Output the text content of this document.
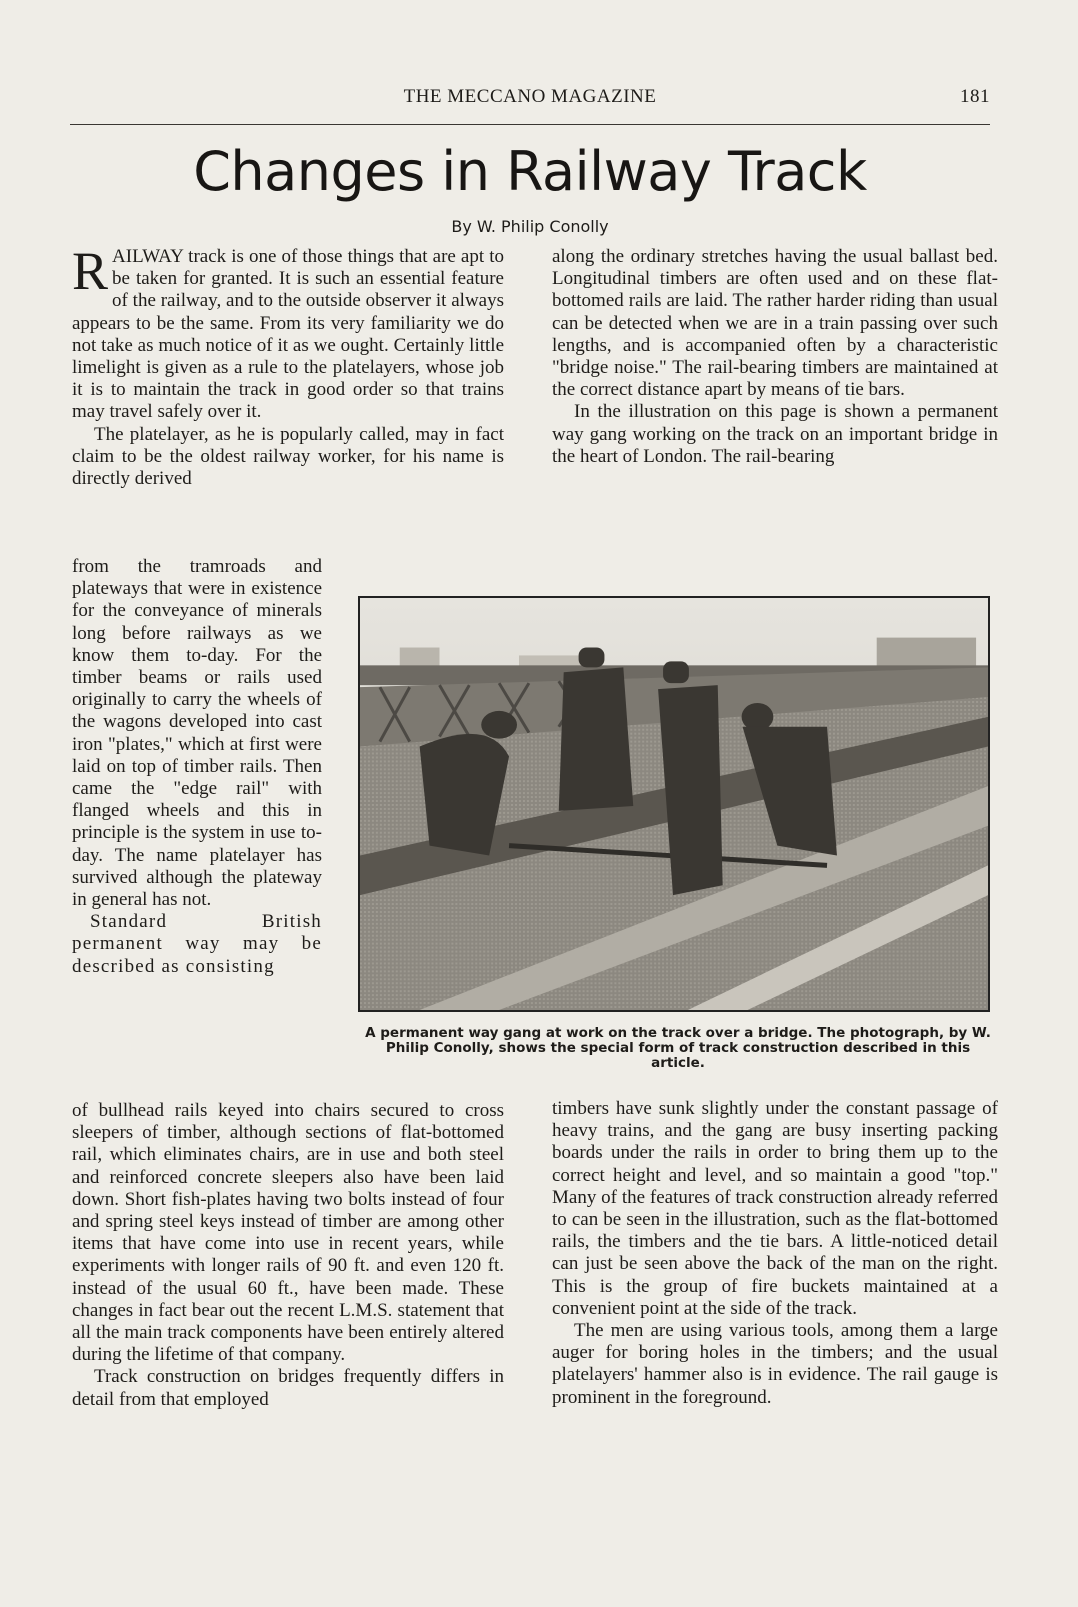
THE MECCANO MAGAZINE	181
Changes in Railway Track
By W. Philip Conolly

RAILWAY track is one of those things that are apt to be taken for granted. It is such an essential feature of the railway, and to the outside observer it always appears to be the same. From its very familiarity we do not take as much notice of it as we ought. Certainly little limelight is given as a rule to the platelayers, whose job it is to maintain the track in good order so that trains may travel safely over it.

The platelayer, as he is popularly called, may in fact claim to be the oldest railway worker, for his name is directly derived

from the tramroads and plateways that were in existence for the conveyance of minerals long before railways as we know them to-day. For the timber beams or rails used originally to carry the wheels of the wagons developed into cast iron "plates," which at first were laid on top of timber rails. Then came the "edge rail" with flanged wheels and this in principle is the system in use to-day. The name platelayer has survived although the plateway in general has not.

Standard British permanent way may be described as consisting

of bullhead rails keyed into chairs secured to cross sleepers of timber, although sections of flat-bottomed rail, which eliminates chairs, are in use and both steel and reinforced concrete sleepers also have been laid down. Short fish-plates having two bolts instead of four and spring steel keys instead of timber are among other items that have come into use in recent years, while experiments with longer rails of 90 ft. and even 120 ft. instead of the usual 60 ft., have been made. These changes in fact bear out the recent L.M.S. statement that all the main track components have been entirely altered during the lifetime of that company.

Track construction on bridges frequently differs in detail from that employed

along the ordinary stretches having the usual ballast bed. Longitudinal timbers are often used and on these flat-bottomed rails are laid. The rather harder riding than usual can be detected when we are in a train passing over such lengths, and is accompanied often by a characteristic "bridge noise." The rail-bearing timbers are maintained at the correct distance apart by means of tie bars.

In the illustration on this page is shown a permanent way gang working on the track on an important bridge in the heart of London. The rail-bearing

A permanent way gang at work on the track over a bridge. The photograph, by W. Philip Conolly, shows the special form of track construction described in this article.

timbers have sunk slightly under the constant passage of heavy trains, and the gang are busy inserting packing boards under the rails in order to bring them up to the correct height and level, and so maintain a good "top." Many of the features of track construction already referred to can be seen in the illustration, such as the flat-bottomed rails, the timbers and the tie bars. A little-noticed detail can just be seen above the back of the man on the right. This is the group of fire buckets maintained at a convenient point at the side of the track.

The men are using various tools, among them a large auger for boring holes in the timbers; and the usual platelayers' hammer also is in evidence. The rail gauge is prominent in the foreground.
